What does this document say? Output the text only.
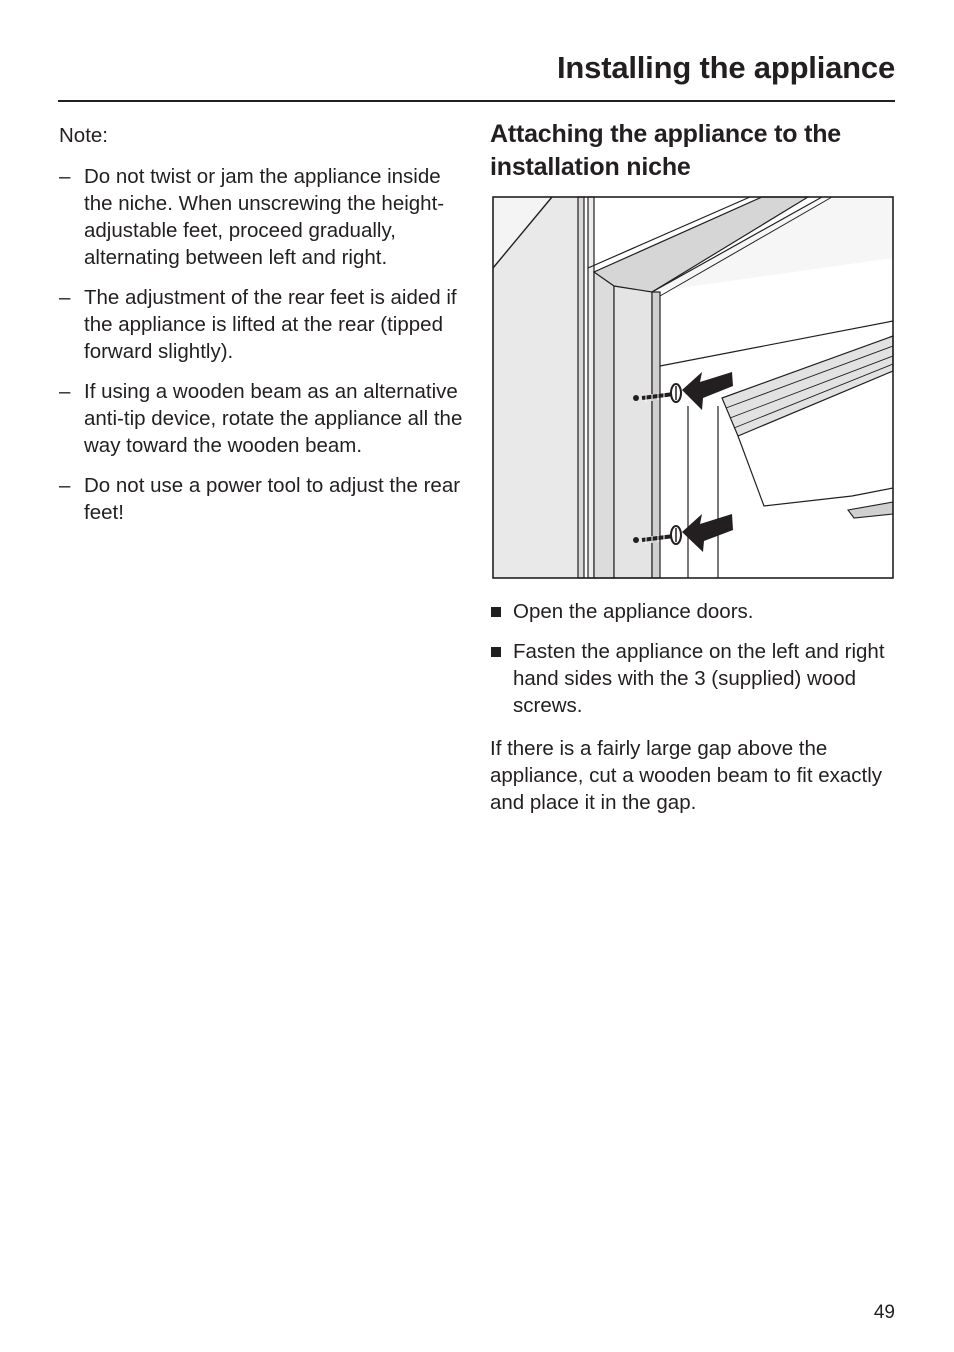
Installing the appliance
Note:
– Do not twist or jam the appliance inside the niche. When unscrewing the height-adjustable feet, proceed gradually, alternating between left and right.
– The adjustment of the rear feet is aided if the appliance is lifted at the rear (tipped forward slightly).
– If using a wooden beam as an alternative anti-tip device, rotate the appliance all the way toward the wooden beam.
– Do not use a power tool to adjust the rear feet!
Attaching the appliance to the installation niche
Open the appliance doors.
Fasten the appliance on the left and right hand sides with the 3 (supplied) wood screws.

If there is a fairly large gap above the appliance, cut a wooden beam to fit exactly and place it in the gap.

49
